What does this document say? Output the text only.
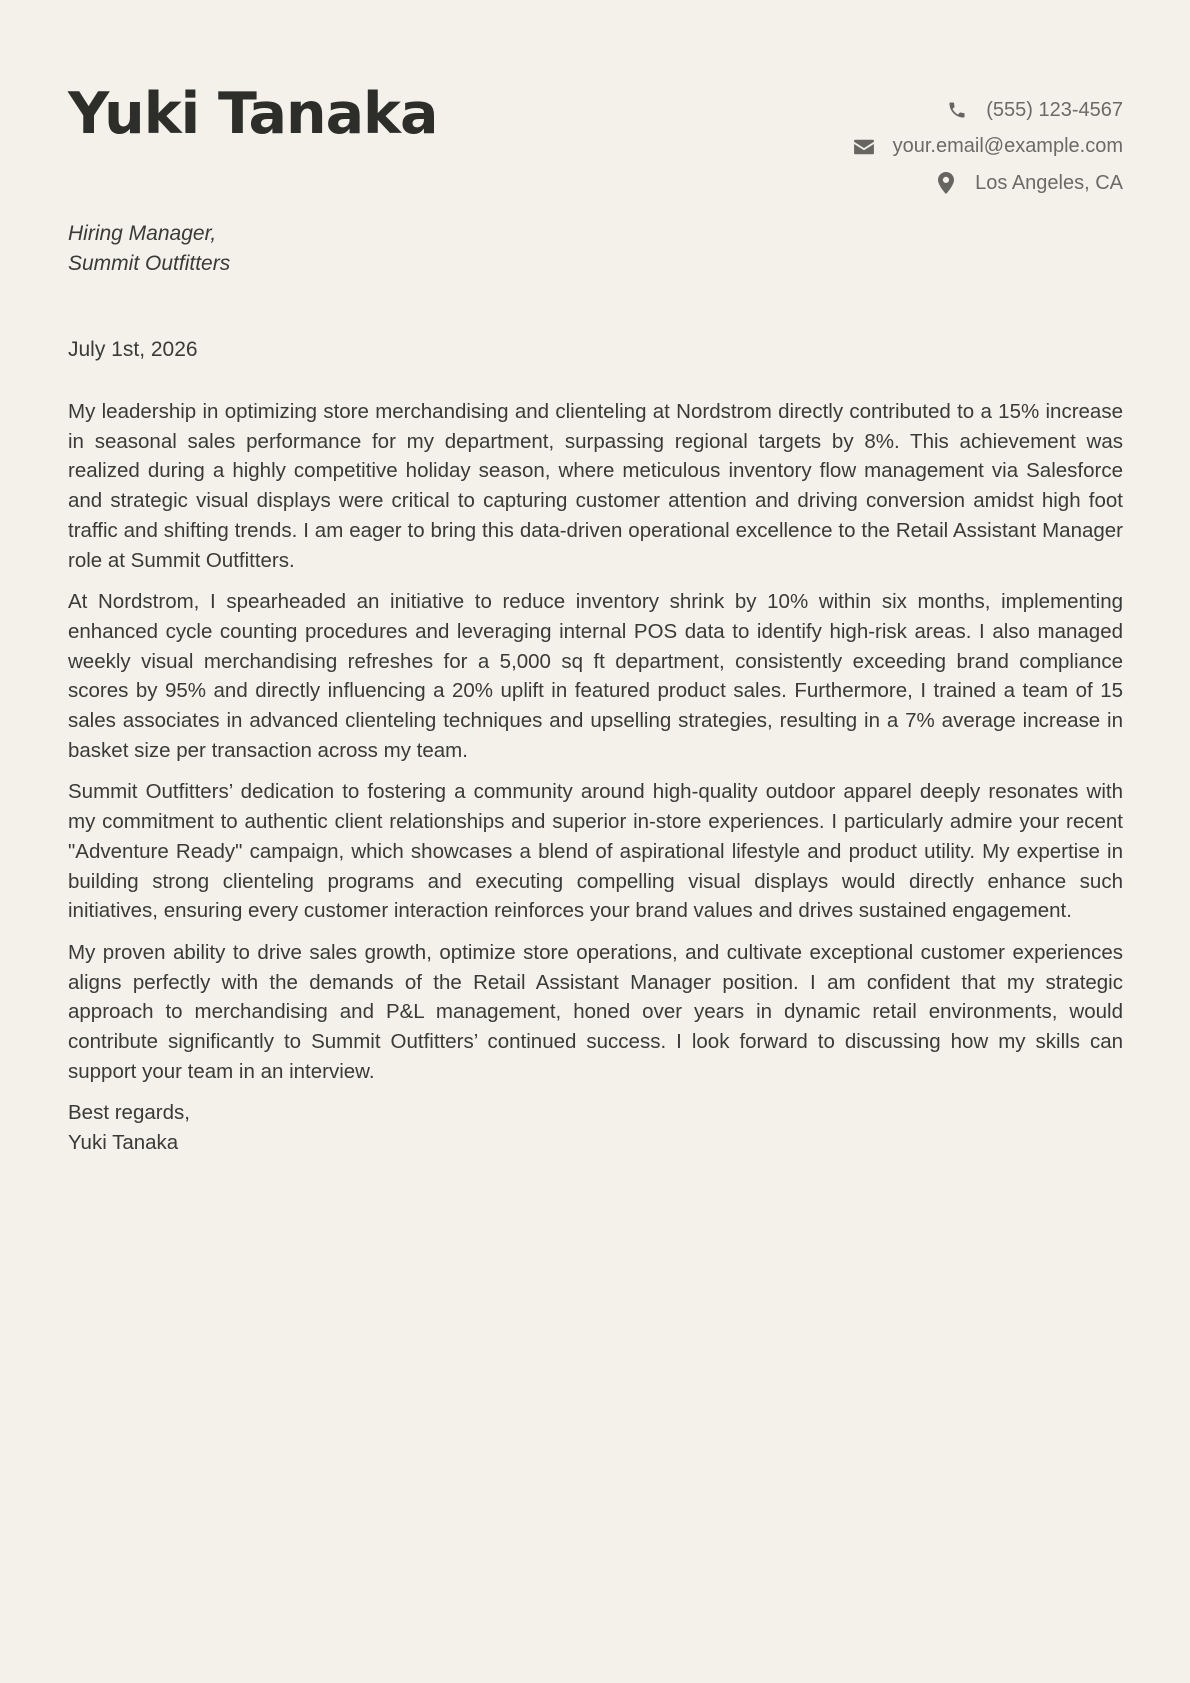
Yuki Tanaka	(555) 123-4567
your.email@example.com
Los Angeles, CA
Hiring Manager,
Summit Outfitters
July 1st, 2026

My leadership in optimizing store merchandising and clienteling at Nordstrom directly contributed to a 15% increase in seasonal sales performance for my department, surpassing regional targets by 8%. This achievement was realized during a highly competitive holiday season, where meticulous inventory flow management via Salesforce and strategic visual displays were critical to capturing customer attention and driving conversion amidst high foot traffic and shifting trends. I am eager to bring this data-driven operational excellence to the Retail Assistant Manager role at Summit Outfitters.

At Nordstrom, I spearheaded an initiative to reduce inventory shrink by 10% within six months, implementing enhanced cycle counting procedures and leveraging internal POS data to identify high-risk areas. I also managed weekly visual merchandising refreshes for a 5,000 sq ft department, consistently exceeding brand compliance scores by 95% and directly influencing a 20% uplift in featured product sales. Furthermore, I trained a team of 15 sales associates in advanced clienteling techniques and upselling strategies, resulting in a 7% average increase in basket size per transaction across my team.

Summit Outfitters’ dedication to fostering a community around high-quality outdoor apparel deeply resonates with my commitment to authentic client relationships and superior in-store experiences. I particularly admire your recent "Adventure Ready" campaign, which showcases a blend of aspirational lifestyle and product utility. My expertise in building strong clienteling programs and executing compelling visual displays would directly enhance such initiatives, ensuring every customer interaction reinforces your brand values and drives sustained engagement.

My proven ability to drive sales growth, optimize store operations, and cultivate exceptional customer experiences aligns perfectly with the demands of the Retail Assistant Manager position. I am confident that my strategic approach to merchandising and P&L management, honed over years in dynamic retail environments, would contribute significantly to Summit Outfitters’ continued success. I look forward to discussing how my skills can support your team in an interview.

Best regards,
Yuki Tanaka
